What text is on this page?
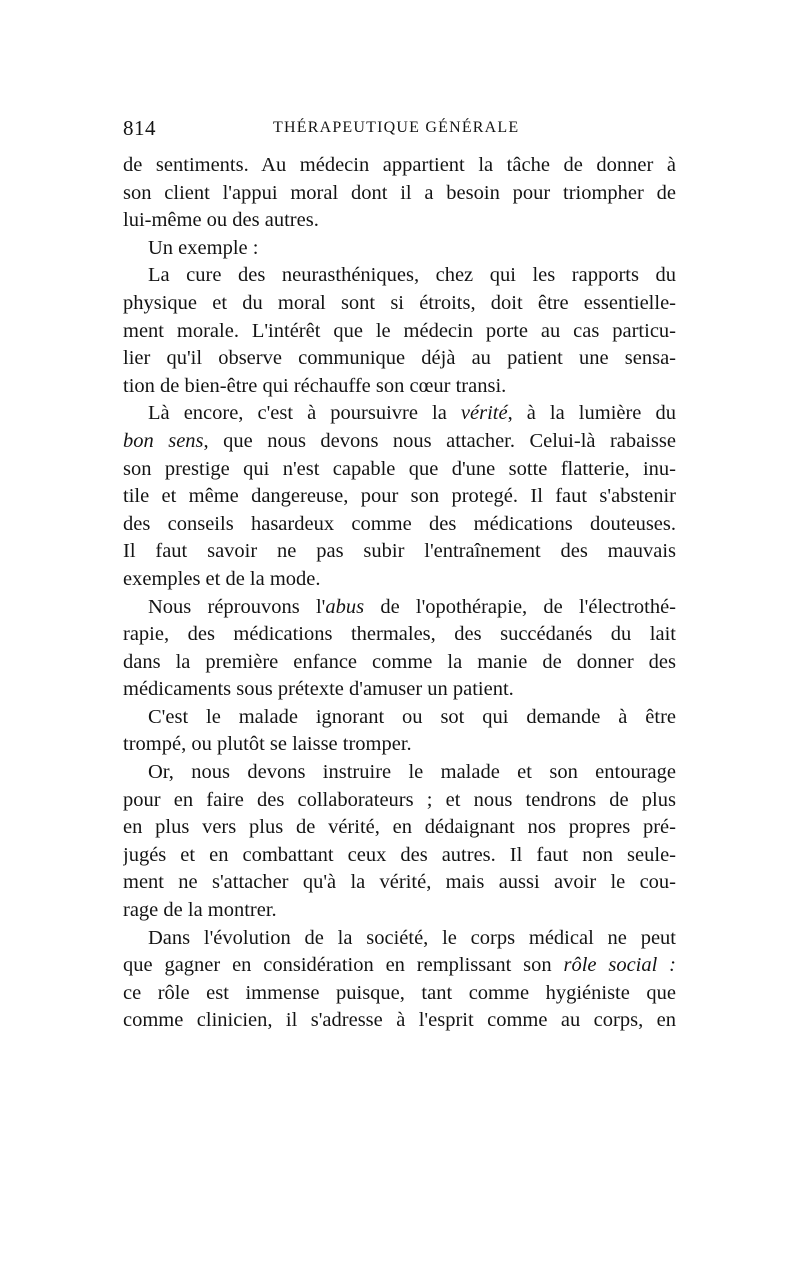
814	THÉRAPEUTIQUE GÉNÉRALE
de sentiments. Au médecin appartient la tâche de donner à
son client l'appui moral dont il a besoin pour triompher de
lui-même ou des autres.
Un exemple :
La cure des neurasthéniques, chez qui les rapports du
physique et du moral sont si étroits, doit être essentielle-
ment morale. L'intérêt que le médecin porte au cas particu-
lier qu'il observe communique déjà au patient une sensa-
tion de bien-être qui réchauffe son cœur transi.
Là encore, c'est à poursuivre la vérité, à la lumière du
bon sens, que nous devons nous attacher. Celui-là rabaisse
son prestige qui n'est capable que d'une sotte flatterie, inu-
tile et même dangereuse, pour son protegé. Il faut s'abstenir
des conseils hasardeux comme des médications douteuses.
Il faut savoir ne pas subir l'entraînement des mauvais
exemples et de la mode.
Nous réprouvons l'abus de l'opothérapie, de l'électrothé-
rapie, des médications thermales, des succédanés du lait
dans la première enfance comme la manie de donner des
médicaments sous prétexte d'amuser un patient.
C'est le malade ignorant ou sot qui demande à être
trompé, ou plutôt se laisse tromper.
Or, nous devons instruire le malade et son entourage
pour en faire des collaborateurs ; et nous tendrons de plus
en plus vers plus de vérité, en dédaignant nos propres pré-
jugés et en combattant ceux des autres. Il faut non seule-
ment ne s'attacher qu'à la vérité, mais aussi avoir le cou-
rage de la montrer.
Dans l'évolution de la société, le corps médical ne peut
que gagner en considération en remplissant son rôle social :
ce rôle est immense puisque, tant comme hygiéniste que
comme clinicien, il s'adresse à l'esprit comme au corps, en
